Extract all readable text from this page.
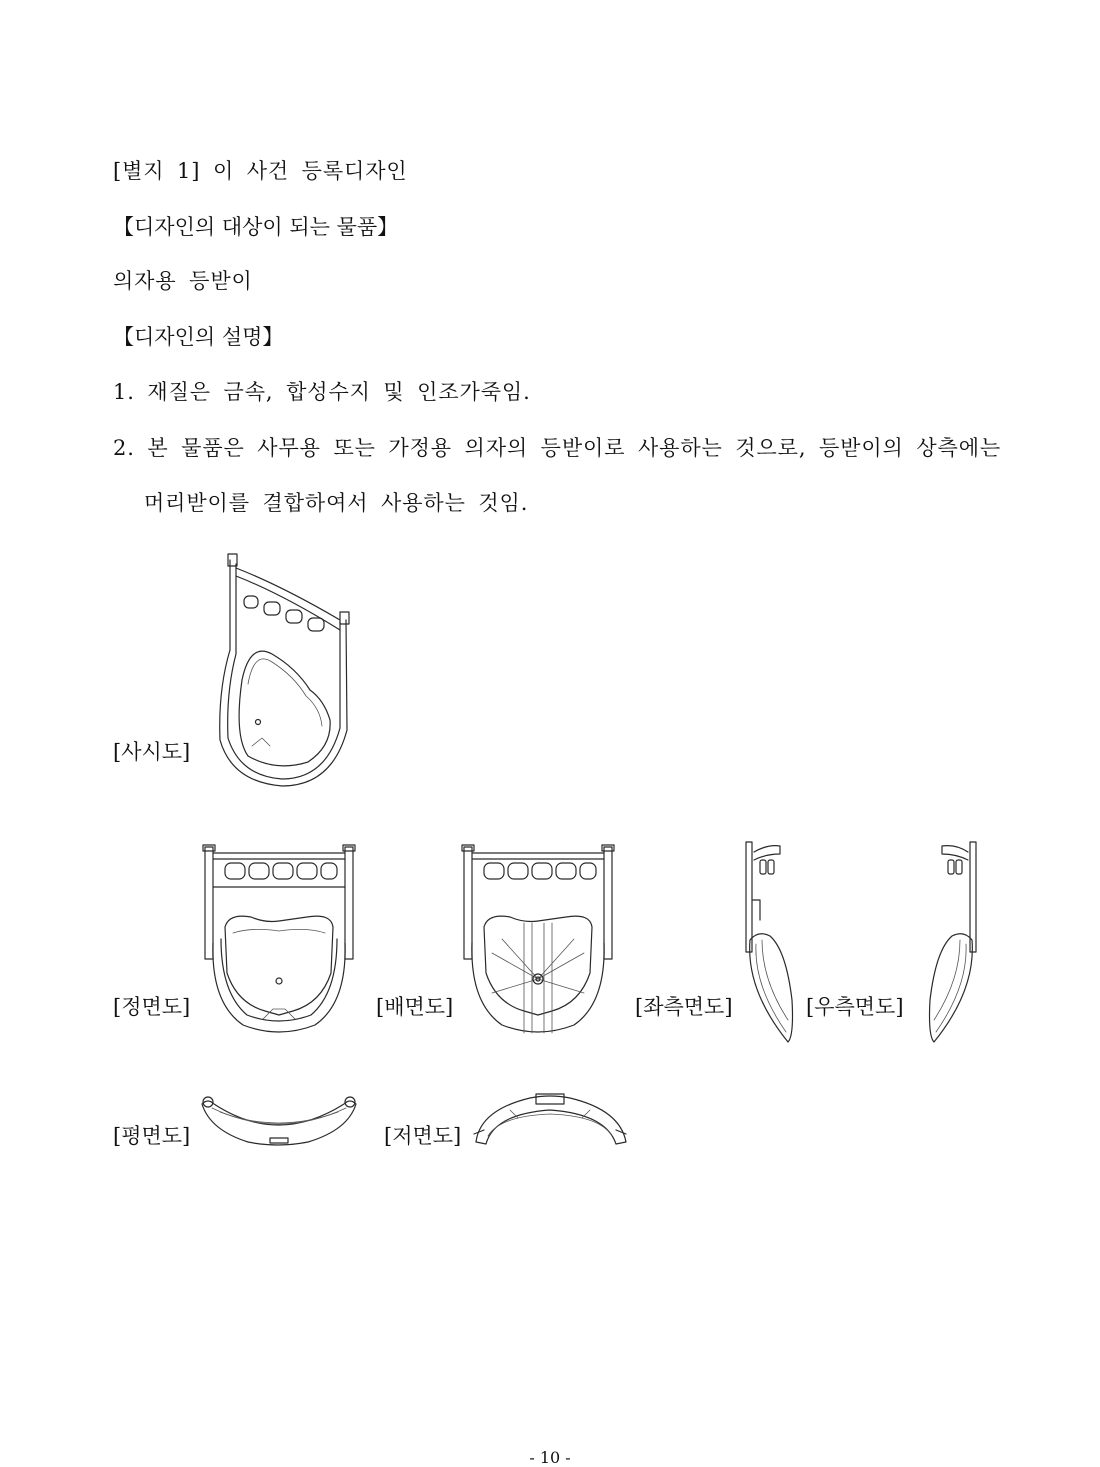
[별지 1] 이 사건 등록디자인
【디자인의 대상이 되는 물품】
의자용 등받이
【디자인의 설명】
1. 재질은 금속, 합성수지 및 인조가죽임.
2. 본 물품은 사무용 또는 가정용 의자의 등받이로 사용하는 것으로, 등받이의 상측에는
머리받이를 결합하여서 사용하는 것임.
[사시도]
[정면도]	[배면도]	[좌측면도]	[우측면도]
[평면도]	[저면도]
- 10 -
